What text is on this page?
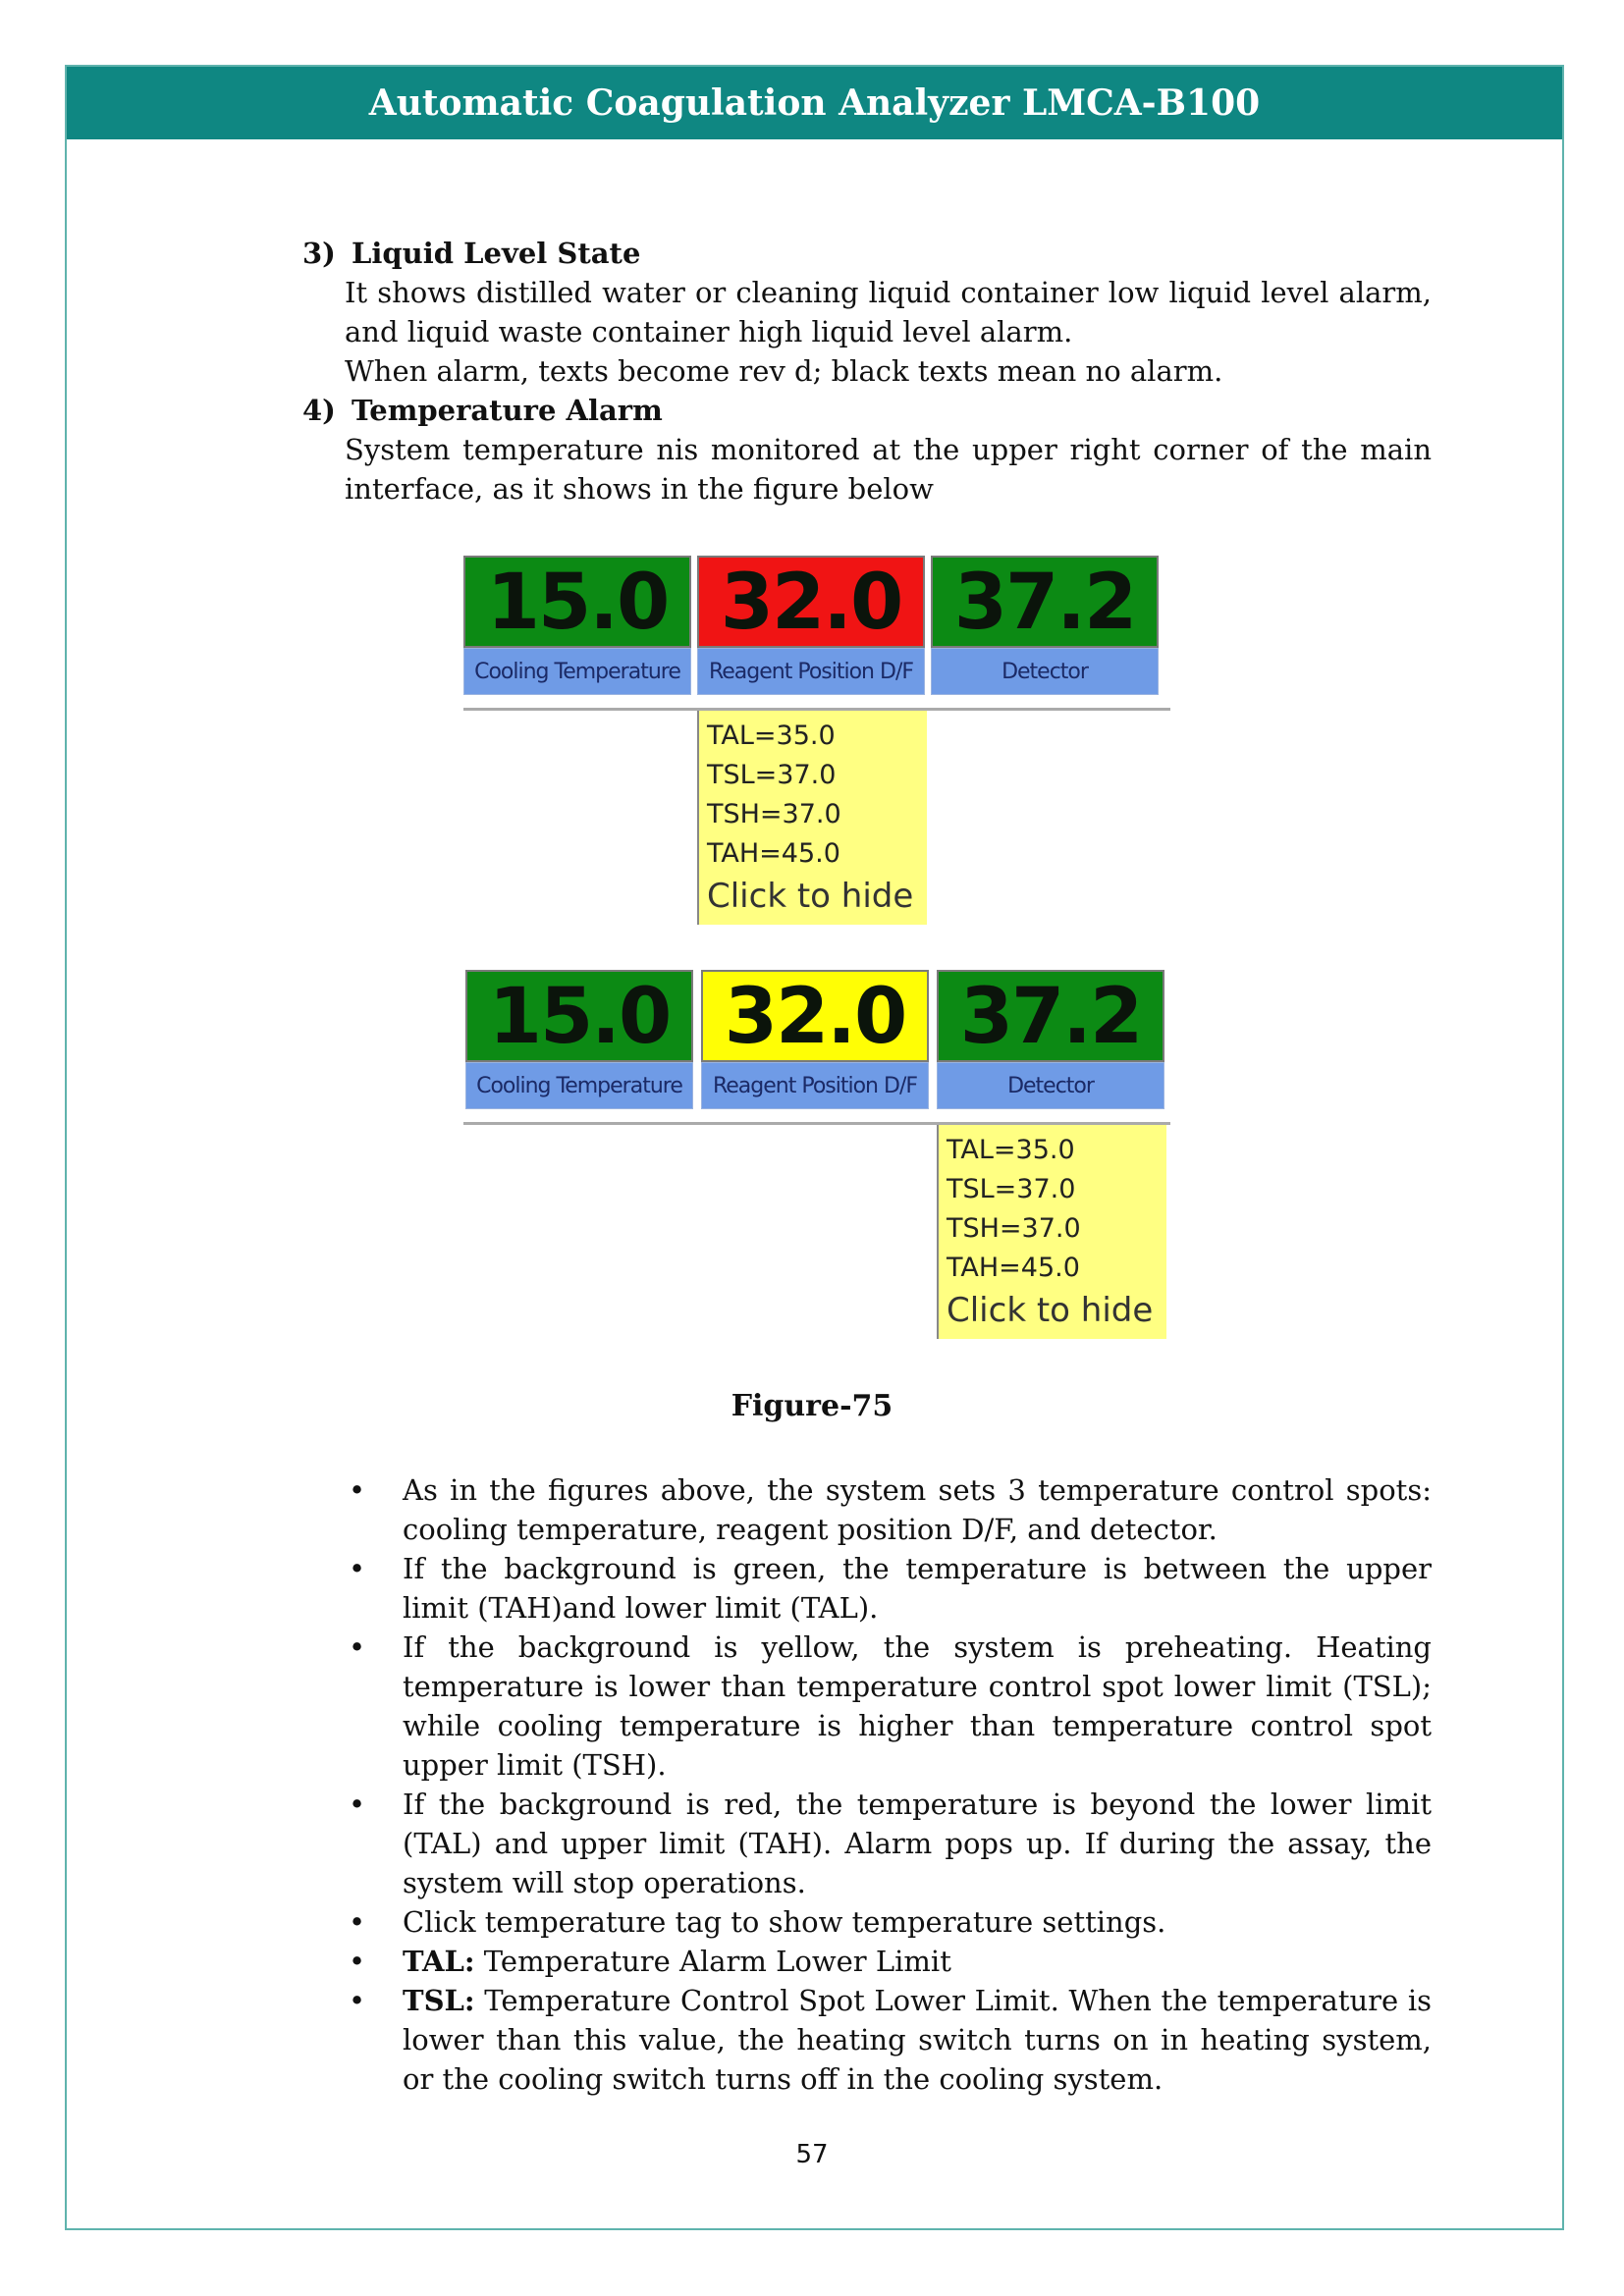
Automatic Coagulation Analyzer LMCA-B100
3) Liquid Level State

It shows distilled water or cleaning liquid container low liquid level alarm, and liquid waste container high liquid level alarm.

When alarm, texts become rev d; black texts mean no alarm.

4) Temperature Alarm

System temperature nis monitored at the upper right corner of the main interface, as it shows in the figure below

15.0
Cooling Temperature
32.0
Reagent Position D/F
37.2
Detector
TAL=35.0
TSL=37.0
TSH=37.0
TAH=45.0
Click to hide
15.0
Cooling Temperature
32.0
Reagent Position D/F
37.2
Detector
TAL=35.0
TSL=37.0
TSH=37.0
TAH=45.0
Click to hide
Figure-75
• As in the figures above, the system sets 3 temperature control spots: cooling temperature, reagent position D/F, and detector.
• If the background is green, the temperature is between the upper limit (TAH)and lower limit (TAL).
• If the background is yellow, the system is preheating. Heating temperature is lower than temperature control spot lower limit (TSL); while cooling temperature is higher than temperature control spot upper limit (TSH).
• If the background is red, the temperature is beyond the lower limit (TAL) and upper limit (TAH). Alarm pops up. If during the assay, the system will stop operations.
• Click temperature tag to show temperature settings.
• TAL: Temperature Alarm Lower Limit
• TSL: Temperature Control Spot Lower Limit. When the temperature is lower than this value, the heating switch turns on in heating system, or the cooling switch turns off in the cooling system.
57
